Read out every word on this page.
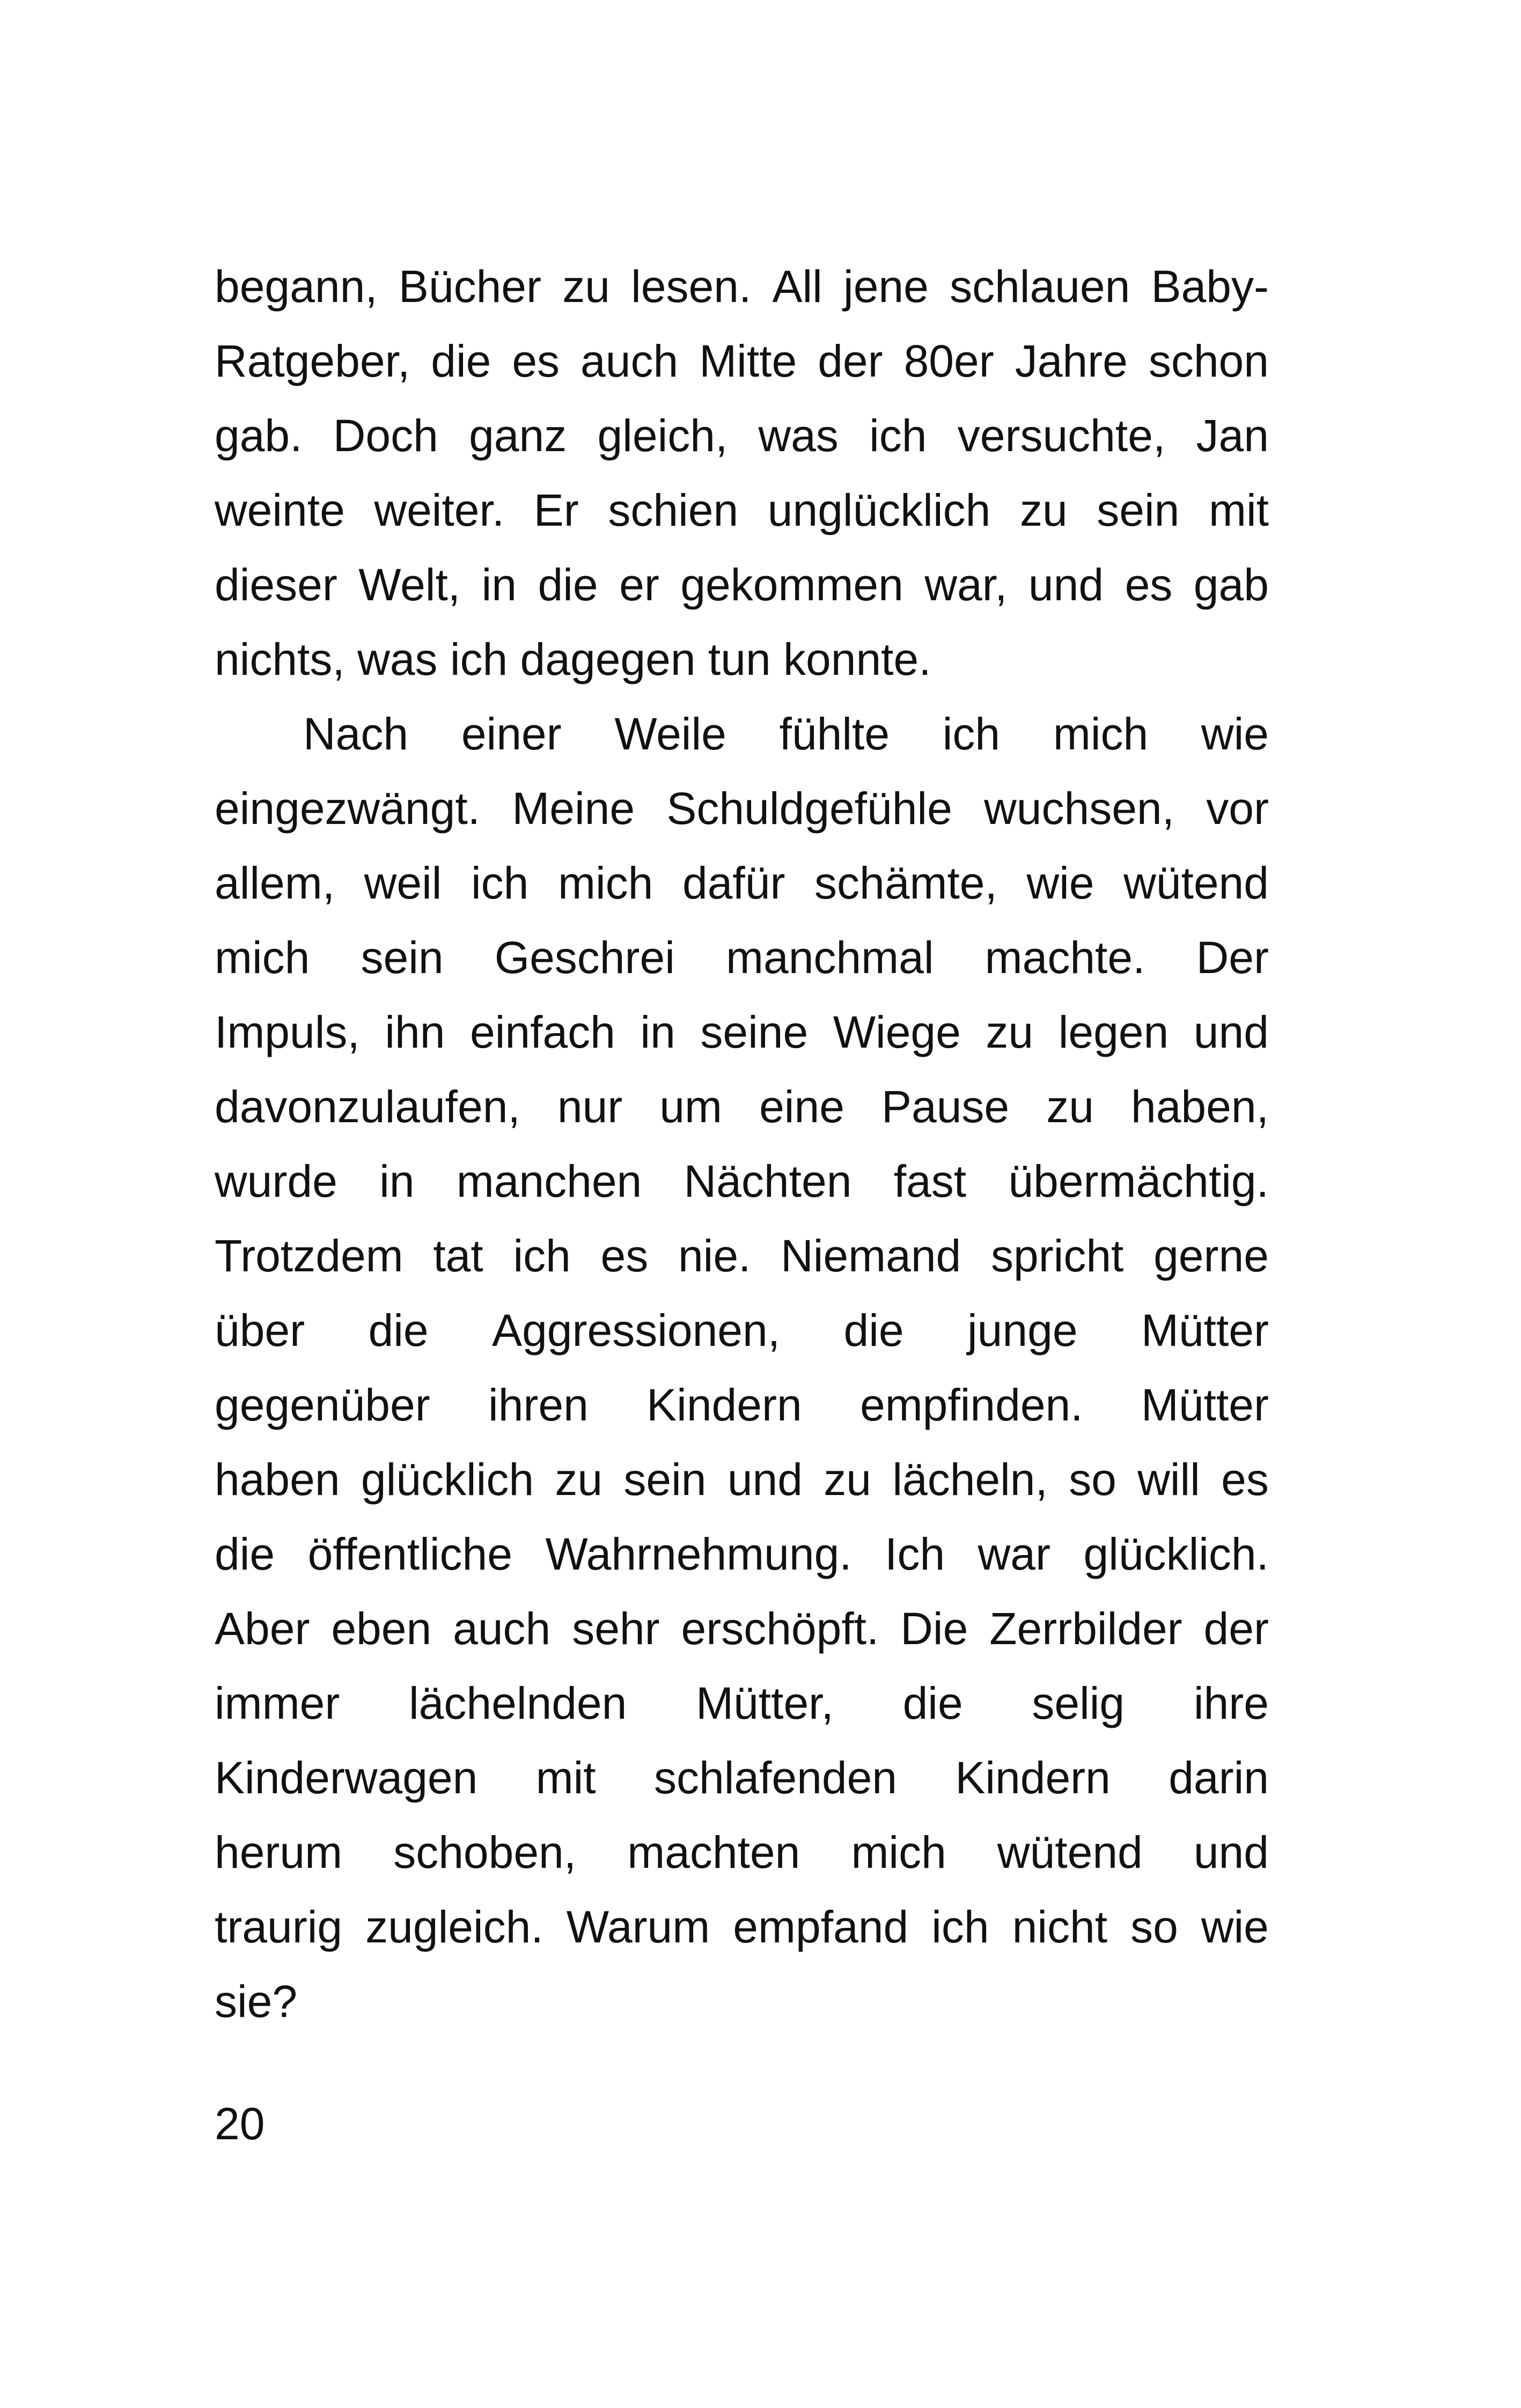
begann, Bücher zu lesen. All jene schlauen Baby-
Ratgeber, die es auch Mitte der 80er Jahre schon
gab. Doch ganz gleich, was ich versuchte, Jan
weinte weiter. Er schien unglücklich zu sein mit
dieser Welt, in die er gekommen war, und es gab
nichts, was ich dagegen tun konnte.
Nach einer Weile fühlte ich mich wie
eingezwängt. Meine Schuldgefühle wuchsen, vor
allem, weil ich mich dafür schämte, wie wütend
mich sein Geschrei manchmal machte. Der
Impuls, ihn einfach in seine Wiege zu legen und
davonzulaufen, nur um eine Pause zu haben,
wurde in manchen Nächten fast übermächtig.
Trotzdem tat ich es nie. Niemand spricht gerne
über die Aggressionen, die junge Mütter
gegenüber ihren Kindern empfinden. Mütter
haben glücklich zu sein und zu lächeln, so will es
die öffentliche Wahrnehmung. Ich war glücklich.
Aber eben auch sehr erschöpft. Die Zerrbilder der
immer lächelnden Mütter, die selig ihre
Kinderwagen mit schlafenden Kindern darin
herum schoben, machten mich wütend und
traurig zugleich. Warum empfand ich nicht so wie
sie?
20
